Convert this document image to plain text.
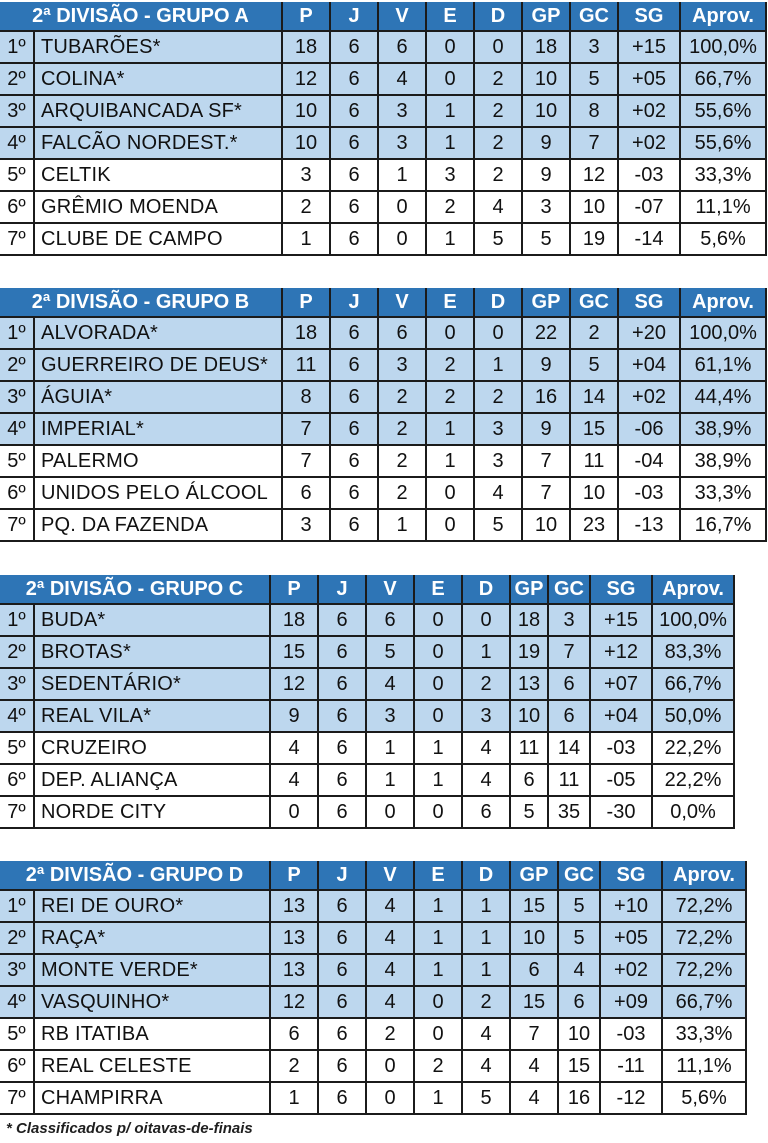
2ª DIVISÃO - GRUPO A		P	J	V	E	D	GP	GC	SG	Aprov.
1º	TUBARÕES*	18	6	6	0	0	18	3	+15	100,0%
2º	COLINA*	12	6	4	0	2	10	5	+05	66,7%
3º	ARQUIBANCADA SF*	10	6	3	1	2	10	8	+02	55,6%
4º	FALCÃO NORDEST.*	10	6	3	1	2	9	7	+02	55,6%
5º	CELTIK	3	6	1	3	2	9	12	-03	33,3%
6º	GRÊMIO MOENDA	2	6	0	2	4	3	10	-07	11,1%
7º	CLUBE DE CAMPO	1	6	0	1	5	5	19	-14	5,6%
2ª DIVISÃO - GRUPO B		P	J	V	E	D	GP	GC	SG	Aprov.
1º	ALVORADA*	18	6	6	0	0	22	2	+20	100,0%
2º	GUERREIRO DE DEUS*	11	6	3	2	1	9	5	+04	61,1%
3º	ÁGUIA*	8	6	2	2	2	16	14	+02	44,4%
4º	IMPERIAL*	7	6	2	1	3	9	15	-06	38,9%
5º	PALERMO	7	6	2	1	3	7	11	-04	38,9%
6º	UNIDOS PELO ÁLCOOL	6	6	2	0	4	7	10	-03	33,3%
7º	PQ. DA FAZENDA	3	6	1	0	5	10	23	-13	16,7%
2ª DIVISÃO - GRUPO C		P	J	V	E	D	GP	GC	SG	Aprov.
1º	BUDA*	18	6	6	0	0	18	3	+15	100,0%
2º	BROTAS*	15	6	5	0	1	19	7	+12	83,3%
3º	SEDENTÁRIO*	12	6	4	0	2	13	6	+07	66,7%
4º	REAL VILA*	9	6	3	0	3	10	6	+04	50,0%
5º	CRUZEIRO	4	6	1	1	4	11	14	-03	22,2%
6º	DEP. ALIANÇA	4	6	1	1	4	6	11	-05	22,2%
7º	NORDE CITY	0	6	0	0	6	5	35	-30	0,0%
2ª DIVISÃO - GRUPO D		P	J	V	E	D	GP	GC	SG	Aprov.
1º	REI DE OURO*	13	6	4	1	1	15	5	+10	72,2%
2º	RAÇA*	13	6	4	1	1	10	5	+05	72,2%
3º	MONTE VERDE*	13	6	4	1	1	6	4	+02	72,2%
4º	VASQUINHO*	12	6	4	0	2	15	6	+09	66,7%
5º	RB ITATIBA	6	6	2	0	4	7	10	-03	33,3%
6º	REAL CELESTE	2	6	0	2	4	4	15	-11	11,1%
7º	CHAMPIRRA	1	6	0	1	5	4	16	-12	5,6%
* Classificados p/ oitavas-de-finais
